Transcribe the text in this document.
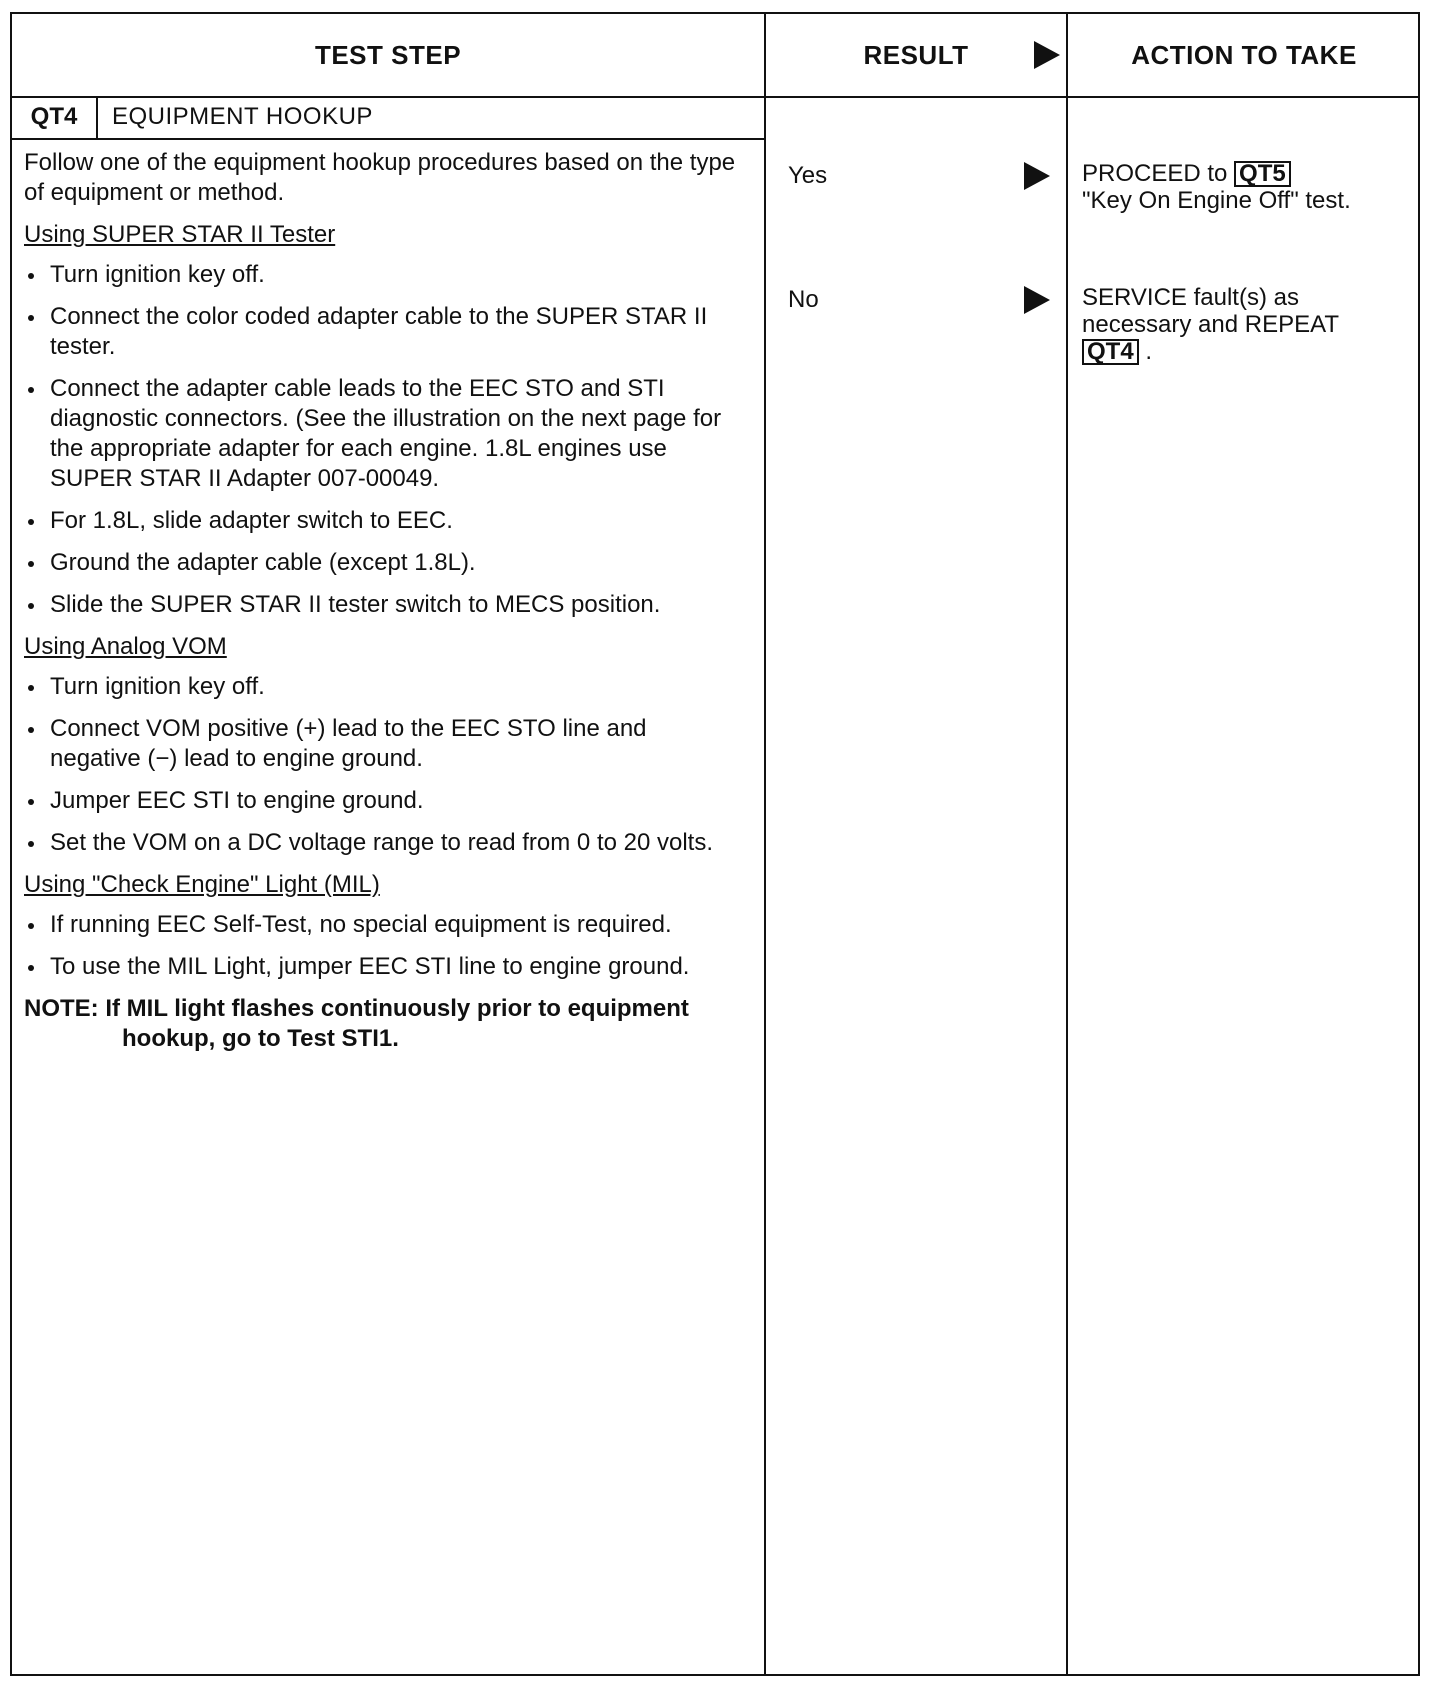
TEST STEP	RESULT	ACTION TO TAKE
QT4	EQUIPMENT HOOKUP

Follow one of the equipment hookup procedures based on the type of equipment or method.

Using SUPER STAR II Tester

Turn ignition key off.
Connect the color coded adapter cable to the SUPER STAR II tester.
Connect the adapter cable leads to the EEC STO and STI diagnostic connectors. (See the illustration on the next page for the appropriate adapter for each engine. 1.8L engines use SUPER STAR II Adapter 007-00049.
For 1.8L, slide adapter switch to EEC.
Ground the adapter cable (except 1.8L).
Slide the SUPER STAR II tester switch to MECS position.

Using Analog VOM

Turn ignition key off.
Connect VOM positive (+) lead to the EEC STO line and negative (−) lead to engine ground.
Jumper EEC STI to engine ground.
Set the VOM on a DC voltage range to read from 0 to 20 volts.

Using "Check Engine" Light (MIL)

If running EEC Self-Test, no special equipment is required.
To use the MIL Light, jumper EEC STI line to engine ground.

NOTE: If MIL light flashes continuously prior to equipment hookup, go to Test STI1.

Yes	PROCEED to QT5
"Key On Engine Off" test.
No	SERVICE fault(s) as necessary and REPEAT
QT4 .
